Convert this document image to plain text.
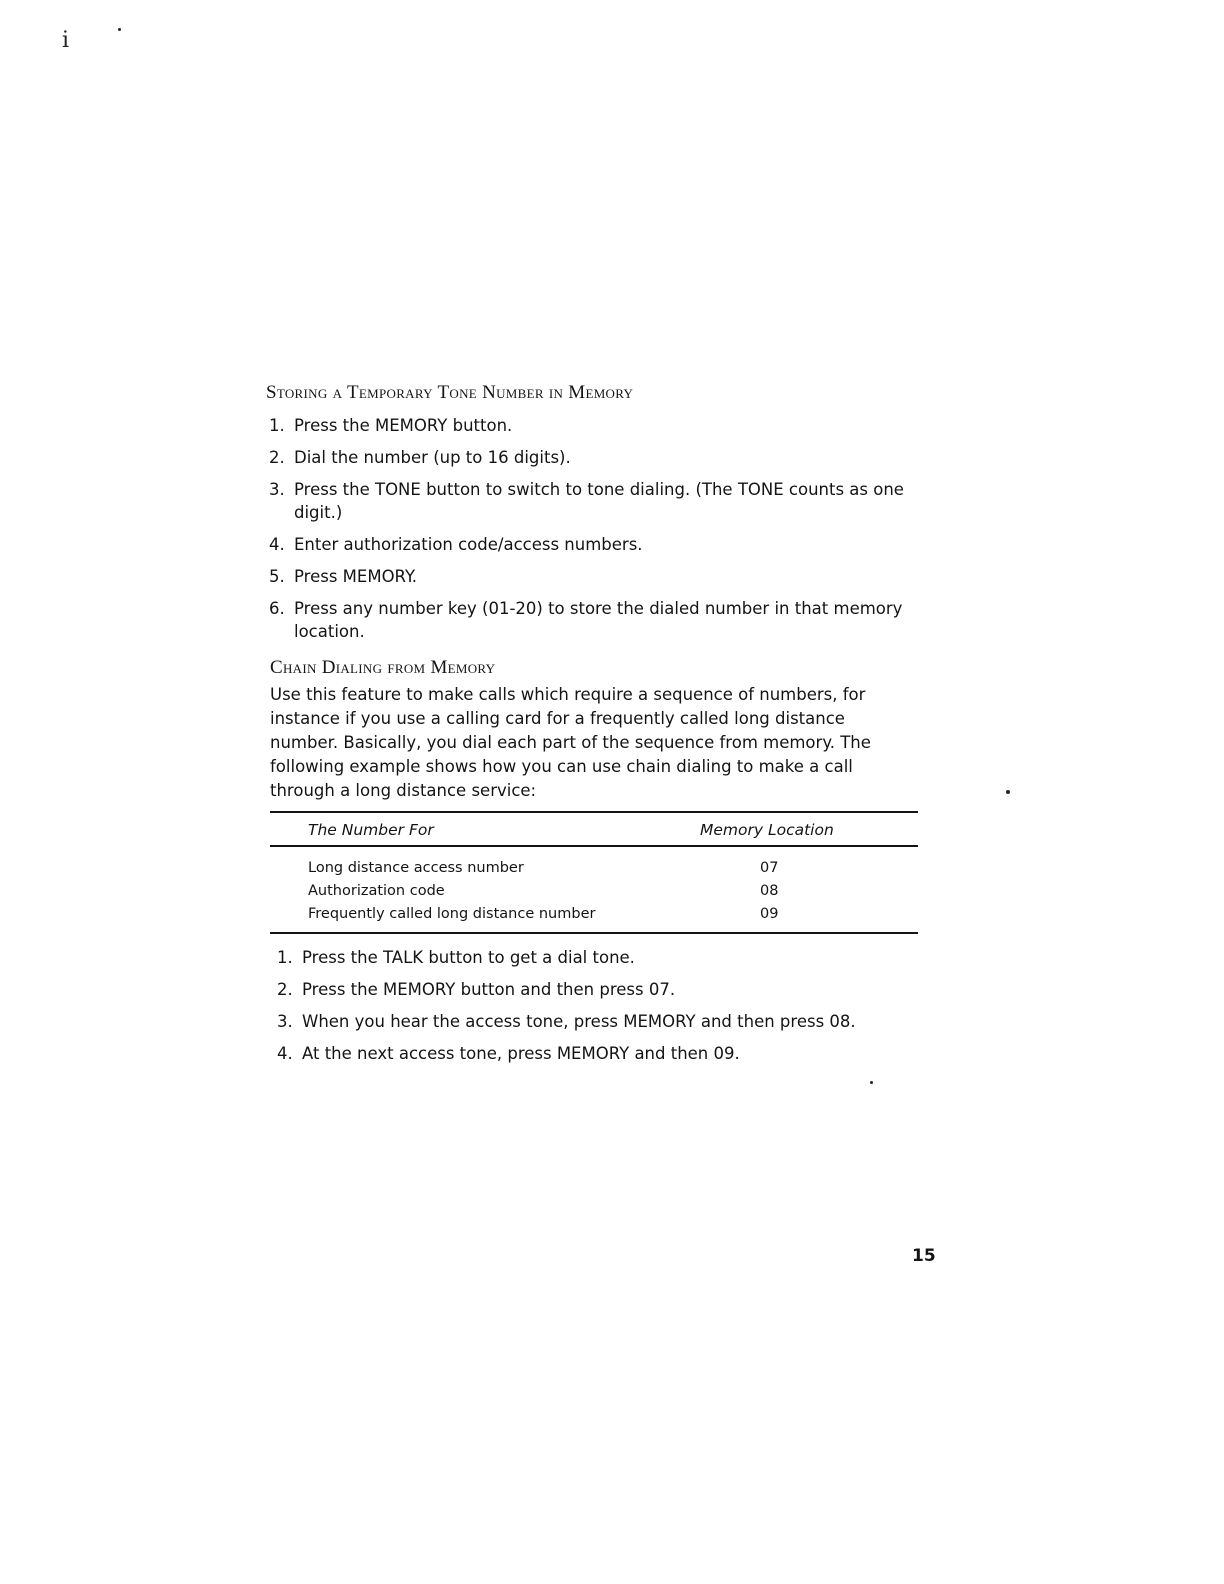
i
Storing a Temporary Tone Number in Memory
1. Press the MEMORY button.
2. Dial the number (up to 16 digits).
3. Press the TONE button to switch to tone dialing. (The TONE counts as one digit.)
4. Enter authorization code/access numbers.
5. Press MEMORY.
6. Press any number key (01-20) to store the dialed number in that memory location.
Chain Dialing from Memory

Use this feature to make calls which require a sequence of numbers, for instance if you use a calling card for a frequently called long distance number. Basically, you dial each part of the sequence from memory. The following example shows how you can use chain dialing to make a call through a long distance service:

The Number For	Memory Location
Long distance access number	07
Authorization code	08
Frequently called long distance number	09
1. Press the TALK button to get a dial tone.
2. Press the MEMORY button and then press 07.
3. When you hear the access tone, press MEMORY and then press 08.
4. At the next access tone, press MEMORY and then 09.
15
